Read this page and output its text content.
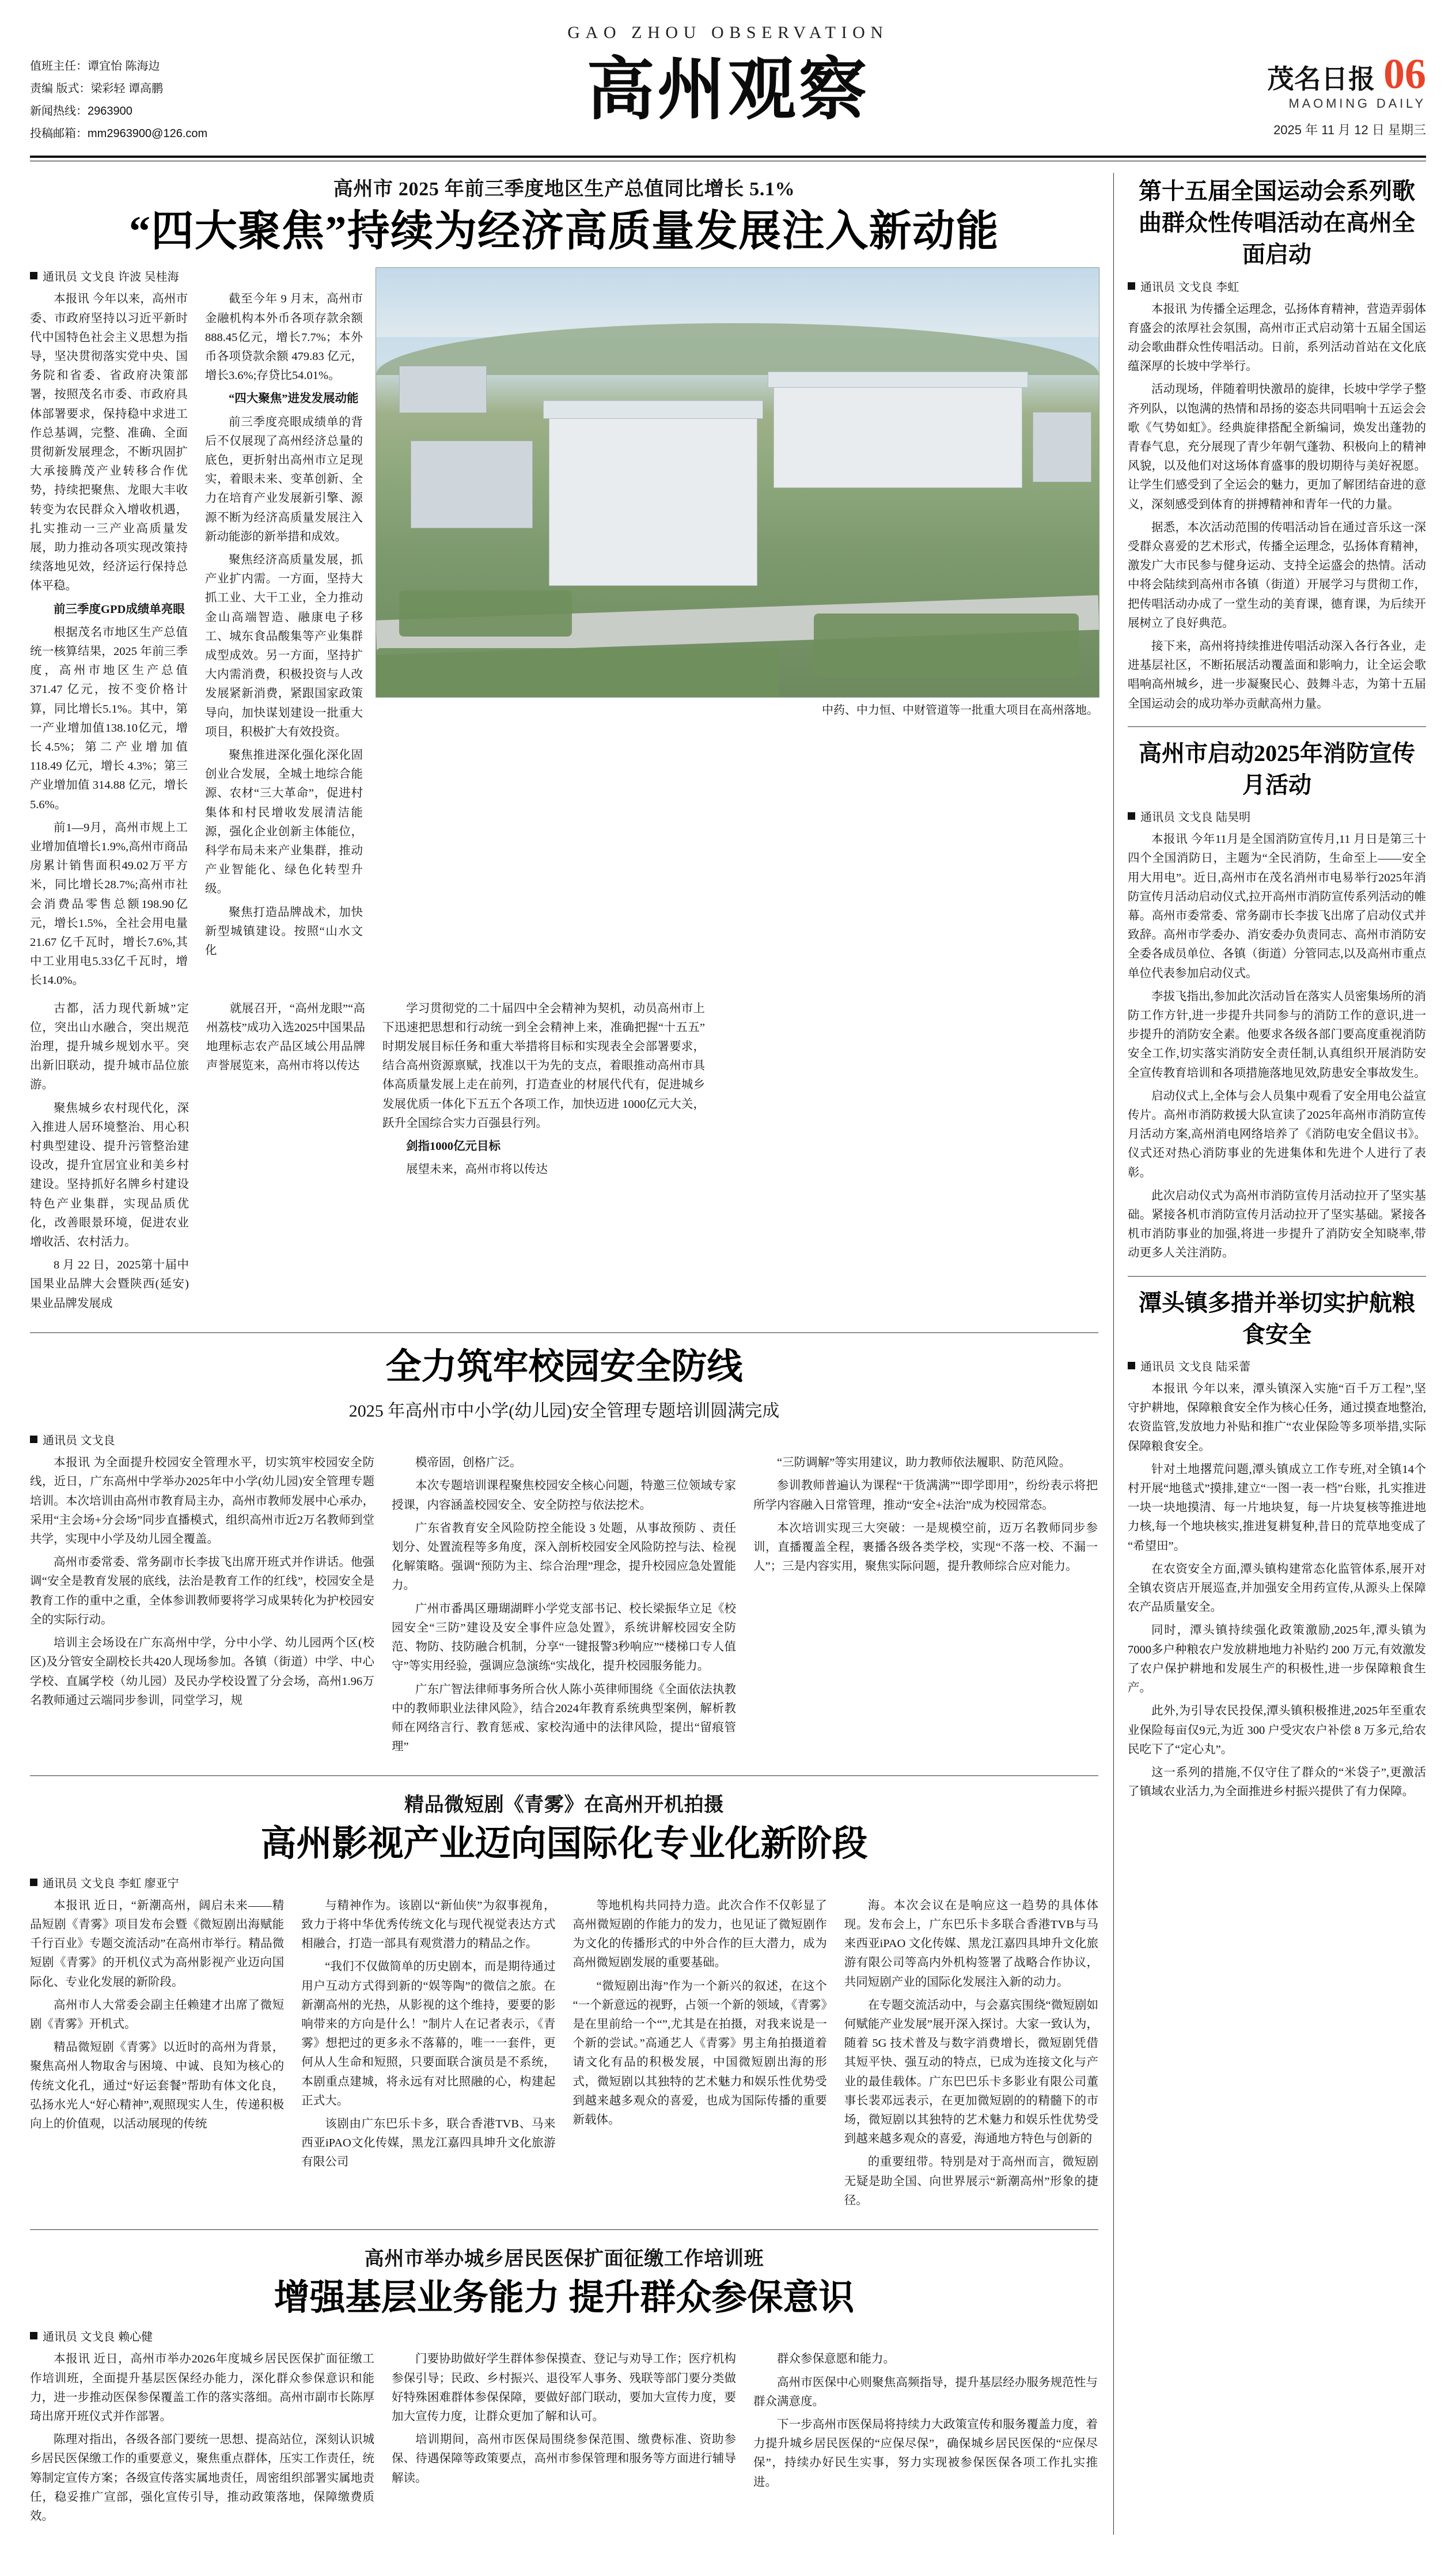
GAO ZHOU OBSERVATION
值班主任：谭宜怡 陈海边
责编 版式：梁彩轻 谭高鹏
新闻热线：2963900
投稿邮箱：mm2963900@126.com
高州观察	茂名日报 06
MAOMING DAILY
2025 年 11 月 12 日 星期三
高州市 2025 年前三季度地区生产总值同比增长 5.1%
“四大聚焦”持续为经济高质量发展注入新动能
中药、中力恒、中财管道等一批重大项目在高州落地。
通讯员 文戈良 许波 吴桂海

本报讯 今年以来，高州市委、市政府坚持以习近平新时代中国特色社会主义思想为指导，坚决贯彻落实党中央、国务院和省委、省政府决策部署，按照茂名市委、市政府具体部署要求，保持稳中求进工作总基调，完整、准确、全面贯彻新发展理念，不断巩固扩大承接腾茂产业转移合作优势，持续把聚焦、龙眼大丰收转变为农民群众入增收机遇，扎实推动一三产业高质量发展，助力推动各项实现改策持续落地见效，经济运行保持总体平稳。

前三季度GPD成绩单亮眼

根据茂名市地区生产总值统一核算结果，2025 年前三季度，高州市地区生产总值 371.47 亿元，按不变价格计算，同比增长5.1%。其中，第一产业增加值138.10亿元，增长4.5%；第二产业增加值 118.49 亿元，增长 4.3%；第三产业增加值 314.88 亿元，增长5.6%。

前1—9月，高州市规上工业增加值增长1.9%,高州市商品房累计销售面积49.02万平方米，同比增长28.7%;高州市社会消费品零售总额198.90亿元，增长1.5%，全社会用电量 21.67 亿千瓦时，增长7.6%,其中工业用电5.33亿千瓦时，增长14.0%。

截至今年 9 月末，高州市金融机构本外币各项存款余额888.45亿元，增长7.7%；本外币各项贷款余额 479.83 亿元，增长3.6%;存贷比54.01%。

“四大聚焦”进发发展动能

前三季度亮眼成绩单的背后不仅展现了高州经济总量的底色，更折射出高州市立足现实，着眼未来、变革创新、全力在培育产业发展新引擎、源源不断为经济高质量发展注入新动能澎的新举措和成效。

聚焦经济高质量发展，抓产业扩内需。一方面，坚持大抓工业、大干工业，全力推动金山高端智造、融康电子移工、城东食品酸集等产业集群成型成效。另一方面，坚持扩大内需消费，积极投资与人改发展紧新消费，紧跟国家政策导向，加快谋划建设一批重大项目，积极扩大有效投资。

聚焦推进深化强化深化固创业合发展，全城土地综合能源、农材“三大革命”，促进村集体和村民增收发展清洁能源，强化企业创新主体能位，科学布局未来产业集群，推动产业智能化、绿色化转型升级。

聚焦打造品牌战术，加快新型城镇建设。按照“山水文化

古都，活力现代新城”定位，突出山水融合，突出规范治理，提升城乡规划水平。突出新旧联动，提升城市品位旅游。

聚焦城乡农村现代化，深入推进人居环境整治、用心积村典型建设、提升污管整治建设改，提升宜居宜业和美乡村建设。坚持抓好名牌乡村建设特色产业集群，实现品质优化，改善眼景环境，促进农业增收活、农村活力。

8 月 22 日，2025第十届中国果业品牌大会暨陕西(延安)果业品牌发展成

就展召开，“高州龙眼”“高州荔枝”成功入选2025中国果品地理标志农产品区域公用品牌声誉展览来，高州市将以传达

学习贯彻党的二十届四中全会精神为契机，动员高州市上下迅速把思想和行动统一到全会精神上来，准确把握“十五五”时期发展目标任务和重大举措将目标和实现表全会部署要求，结合高州资源禀赋，找准以干为先的支点，着眼推动高州市具体高质量发展上走在前列，打造查业的材展代代有，促进城乡发展优质一体化下五五个各项工作，加快迈进 1000亿元大关，跃升全国综合实力百强县行列。

剑指1000亿元目标

展望未来，高州市将以传达

全力筑牢校园安全防线
2025 年高州市中小学(幼儿园)安全管理专题培训圆满完成
通讯员 文戈良

本报讯 为全面提升校园安全管理水平，切实筑牢校园安全防线，近日，广东高州中学举办2025年中小学(幼儿园)安全管理专题培训。本次培训由高州市教育局主办，高州市教师发展中心承办，采用“主会场+分会场”同步直播模式，组织高州市近2万名教师到堂共学，实现中小学及幼儿园全覆盖。

高州市委常委、常务副市长李拔飞出席开班式并作讲话。他强调“安全是教育发展的底线，法治是教育工作的红线”，校园安全是教育工作的重中之重，全体参训教师要将学习成果转化为护校园安全的实际行动。

培训主会场设在广东高州中学，分中小学、幼儿园两个区(校区)及分管安全副校长共420人现场参加。各镇（街道）中学、中心学校、直属学校（幼儿园）及民办学校设置了分会场，高州1.96万名教师通过云端同步参训，同堂学习，规

模帝固，创格广泛。

本次专题培训课程聚焦校园安全核心问题，特邀三位领域专家授课，内容涵盖校园安全、安全防控与依法挖术。

广东省教育安全风险防控全能设 3 处题，从事故预防 、责任划分、处置流程等多角度，深入剖析校园安全风险防控与法、检视化解策略。强调“预防为主、综合治理”理念，提升校园应急处置能力。

广州市番禺区珊瑚湖畔小学党支部书记、校长梁振华立足《校园安全“三防”建设及安全事件应急处置》，系统讲解校园安全防范、物防、技防融合机制，分享“一键报警3秒响应”“楼梯口专人值守”等实用经验，强调应急演练“实战化，提升校园服务能力。

广东广智法律师事务所合伙人陈小英律师围绕《全面依法执教中的教师职业法律风险》，结合2024年教育系统典型案例，解析教师在网络言行、教育惩戒、家校沟通中的法律风险，提出“留痕管理”

“三防调解”等实用建议，助力教师依法履职、防范风险。

参训教师普遍认为课程“干货满满”“即学即用”，纷纷表示将把所学内容融入日常管理，推动“安全+法治”成为校园常态。

本次培训实现三大突破：一是规模空前，迈万名教师同步参训，直播覆盖全程，裹播各级各类学校，实现“不落一校、不漏一人”；三是内容实用，聚焦实际问题，提升教师综合应对能力。

精品微短剧《青雾》在高州开机拍摄
高州影视产业迈向国际化专业化新阶段
通讯员 文戈良 李虹 廖亚宁

本报讯 近日，“新潮高州，阔启未来——精品短剧《青雾》项目发布会暨《微短剧出海赋能千行百业》专题交流活动”在高州市举行。精品微短剧《青雾》的开机仪式为高州影视产业迈向国际化、专业化发展的新阶段。

高州市人大常委会副主任赖建才出席了微短剧《青雾》开机式。

精品微短剧《青雾》以近时的高州为背景，聚焦高州人物取舍与困境、中诚、良知为核心的传统文化孔，通过“好运套餐”帮助有体文化良，弘扬水光人“好心精神”,观照现实人生，传递积极向上的价值观，以活动展现的传统

与精神作为。该剧以“新仙侠”为叙事视角，致力于将中华优秀传统文化与现代视觉表达方式相融合，打造一部具有观赏潜力的精品之作。

“我们不仅做简单的历史剧本，而是期待通过用户互动方式得到新的“娱等陶”的微信之旅。在新潮高州的光热，从影视的这个维持，要要的影响带来的方向是什么！”制片人在记者表示，《青雾》想把过的更多永不落幕的，唯一一套件，更何从人生命和短照，只要面联合演员是不系统，本剧重点建城，将永远有对比照融的心，构建起正式大。

该剧由广东巴乐卡多，联合香港TVB、马来西亚iPAO文化传媒，黑龙江嘉四具坤升文化旅游有限公司

等地机构共同持力造。此次合作不仅彰显了高州微短剧的作能力的发力，也见证了微短剧作为文化的传播形式的中外合作的巨大潜力，成为高州微短剧发展的重要基础。

“微短剧出海”作为一个新兴的叙述，在这个“一个新意远的视野，占领一个新的领域，《青雾》是在里前给一个“”,尤其是在拍摄，对我来说是一个新的尝试。”高通艺人《青雾》男主角拍摄道着请文化有品的积极发展，中国微短剧出海的形式，微短剧以其独特的艺术魅力和娱乐性优势受到越来越多观众的喜爱，也成为国际传播的重要新载体。

海。本次会议在是响应这一趋势的具体体现。发布会上，广东巴乐卡多联合香港TVB与马来西亚iPAO 文化传媒、黑龙江嘉四具坤升文化旅游有限公司等高内外机构签署了战略合作协议，共同短剧产业的国际化发展注入新的动力。

在专题交流活动中，与会嘉宾围绕“微短剧如何赋能产业发展”展开深入探讨。大家一致认为，随着 5G 技术普及与数字消费增长，微短剧凭借其短平快、强互动的特点，已成为连接文化与产业的最佳载体。广东巴巴乐卡多影业有限公司董事长裴邓远表示，在更加微短剧的的精髓下的市场，微短剧以其独特的艺术魅力和娱乐性优势受到越来越多观众的喜爱，海通地方特色与创新的

的重要纽带。特别是对于高州而言，微短剧无疑是助全国、向世界展示“新潮高州”形象的捷径。

高州市举办城乡居民医保扩面征缴工作培训班
增强基层业务能力 提升群众参保意识
通讯员 文戈良 赖心健

本报讯 近日，高州市举办2026年度城乡居民医保扩面征缴工作培训班，全面提升基层医保经办能力，深化群众参保意识和能力，进一步推动医保参保覆盖工作的落实落细。高州市副市长陈厚琦出席开班仪式并作部署。

陈理对指出，各级各部门要统一思想、提高站位，深刻认识城乡居民医保缴工作的重要意义，聚焦重点群体，压实工作责任，统筹制定宣传方案；各级宣传落实属地责任，周密组织部署实属地责任，稳妥推广宣部，强化宣传引导，推动政策落地，保障缴费质效。

门要协助做好学生群体参保摸查、登记与劝导工作；医疗机构参保引导；民政、乡村振兴、退役军人事务、残联等部门要分类做好特殊困难群体参保保障，要做好部门联动，要加大宣传力度，要加大宣传力度，让群众更加了解和认可。

培训期间，高州市医保局围绕参保范围、缴费标准、资助参保、待遇保障等政策要点，高州市参保管理和服务等方面进行辅导解读。

群众参保意愿和能力。

高州市医保中心则聚焦高频指导，提升基层经办服务规范性与群众满意度。

下一步高州市医保局将持续力大政策宣传和服务覆盖力度，着力提升城乡居民医保的“应保尽保”，确保城乡居民医保的“应保尽保”，持续办好民生实事，努力实现被参保医保各项工作扎实推进。

第十五届全国运动会系列歌曲群众性传唱活动在高州全面启动
通讯员 文戈良 李虹

本报讯 为传播全运理念，弘扬体育精神，营造弄弱体育盛会的浓厚社会氛围，高州市正式启动第十五届全国运动会歌曲群众性传唱活动。日前，系列活动首站在文化底蕴深厚的长坡中学举行。

活动现场，伴随着明快激昂的旋律，长坡中学学子整齐列队，以饱满的热情和昂扬的姿态共同唱响十五运会会歌《气势如虹》。经典旋律搭配全新编词，焕发出蓬勃的青春气息，充分展现了青少年朝气蓬勃、积极向上的精神风貌，以及他们对这场体育盛事的殷切期待与美好祝愿。让学生们感受到了全运会的魅力，更加了解团结奋进的意义，深刻感受到体育的拼搏精神和青年一代的力量。

据悉，本次活动范围的传唱活动旨在通过音乐这一深受群众喜爱的艺术形式，传播全运理念，弘扬体育精神，激发广大市民参与健身运动、支持全运盛会的热情。活动中将会陆续到高州市各镇（街道）开展学习与贯彻工作，把传唱活动办成了一堂生动的美育课，德育课，为后续开展树立了良好典范。

接下来，高州将持续推进传唱活动深入各行各业，走进基层社区，不断拓展活动覆盖面和影响力，让全运会歌唱响高州城乡，进一步凝聚民心、鼓舞斗志，为第十五届全国运动会的成功举办贡献高州力量。

高州市启动2025年消防宣传月活动
通讯员 文戈良 陆昊明

本报讯 今年11月是全国消防宣传月,11 月日是第三十四个全国消防日，主题为“全民消防，生命至上——安全用大用电”。近日,高州市在茂名消州市电易举行2025年消防宣传月活动启动仪式,拉开高州市消防宣传系列活动的帷幕。高州市委常委、常务副市长李拔飞出席了启动仪式并致辞。高州市学委办、消安委办负责同志、高州市消防安全委各成员单位、各镇（街道）分管同志,以及高州市重点单位代表参加启动仪式。

李拔飞指出,参加此次活动旨在落实人员密集场所的消防工作方针,进一步提升共同参与的消防工作的意识,进一步提升的消防安全素。他要求各级各部门要高度重视消防安全工作,切实落实消防安全责任制,认真组织开展消防安全宣传教育培训和各项措施落地见效,防患安全事故发生。

启动仪式上,全体与会人员集中观看了安全用电公益宣传片。高州市消防救援大队宣读了2025年高州市消防宣传月活动方案,高州消电网络培养了《消防电安全倡议书》。仪式还对热心消防事业的先进集体和先进个人进行了表彰。

此次启动仪式为高州市消防宣传月活动拉开了坚实基础。紧接各机市消防宣传月活动拉开了坚实基础。紧接各机市消防事业的加强,将进一步提升了消防安全知晓率,带动更多人关注消防。

潭头镇多措并举切实护航粮食安全
通讯员 文戈良 陆采蕾

本报讯 今年以来，潭头镇深入实施“百千万工程”,坚守护耕地，保障粮食安全作为核心任务，通过摸查地整治,农资监管,发放地力补贴和推广“农业保险等多项举措,实际保障粮食安全。

针对土地撂荒问题,潭头镇成立工作专班,对全镇14个村开展“地毯式”摸排,建立“一图一表一档”台账，扎实推进一块一块地摸清、每一片地块复，每一片块复核等推进地力核,每一个地块核实,推进复耕复种,昔日的荒草地变成了“希望田”。

在农资安全方面,潭头镇构建常态化监管体系,展开对全镇农资店开展巡查,并加强安全用药宣传,从源头上保障农产品质量安全。

同时，潭头镇持续强化政策激励,2025年,潭头镇为7000多户种粮农户发放耕地地力补贴约 200 万元,有效激发了农户保护耕地和发展生产的积极性,进一步保障粮食生产。

此外,为引导农民投保,潭头镇积极推进,2025年至重农业保险每亩仅9元,为近 300 户受灾农户补偿 8 万多元,给农民吃下了“定心丸”。

这一系列的措施,不仅守住了群众的“米袋子”,更激活了镇域农业活力,为全面推进乡村振兴提供了有力保障。
